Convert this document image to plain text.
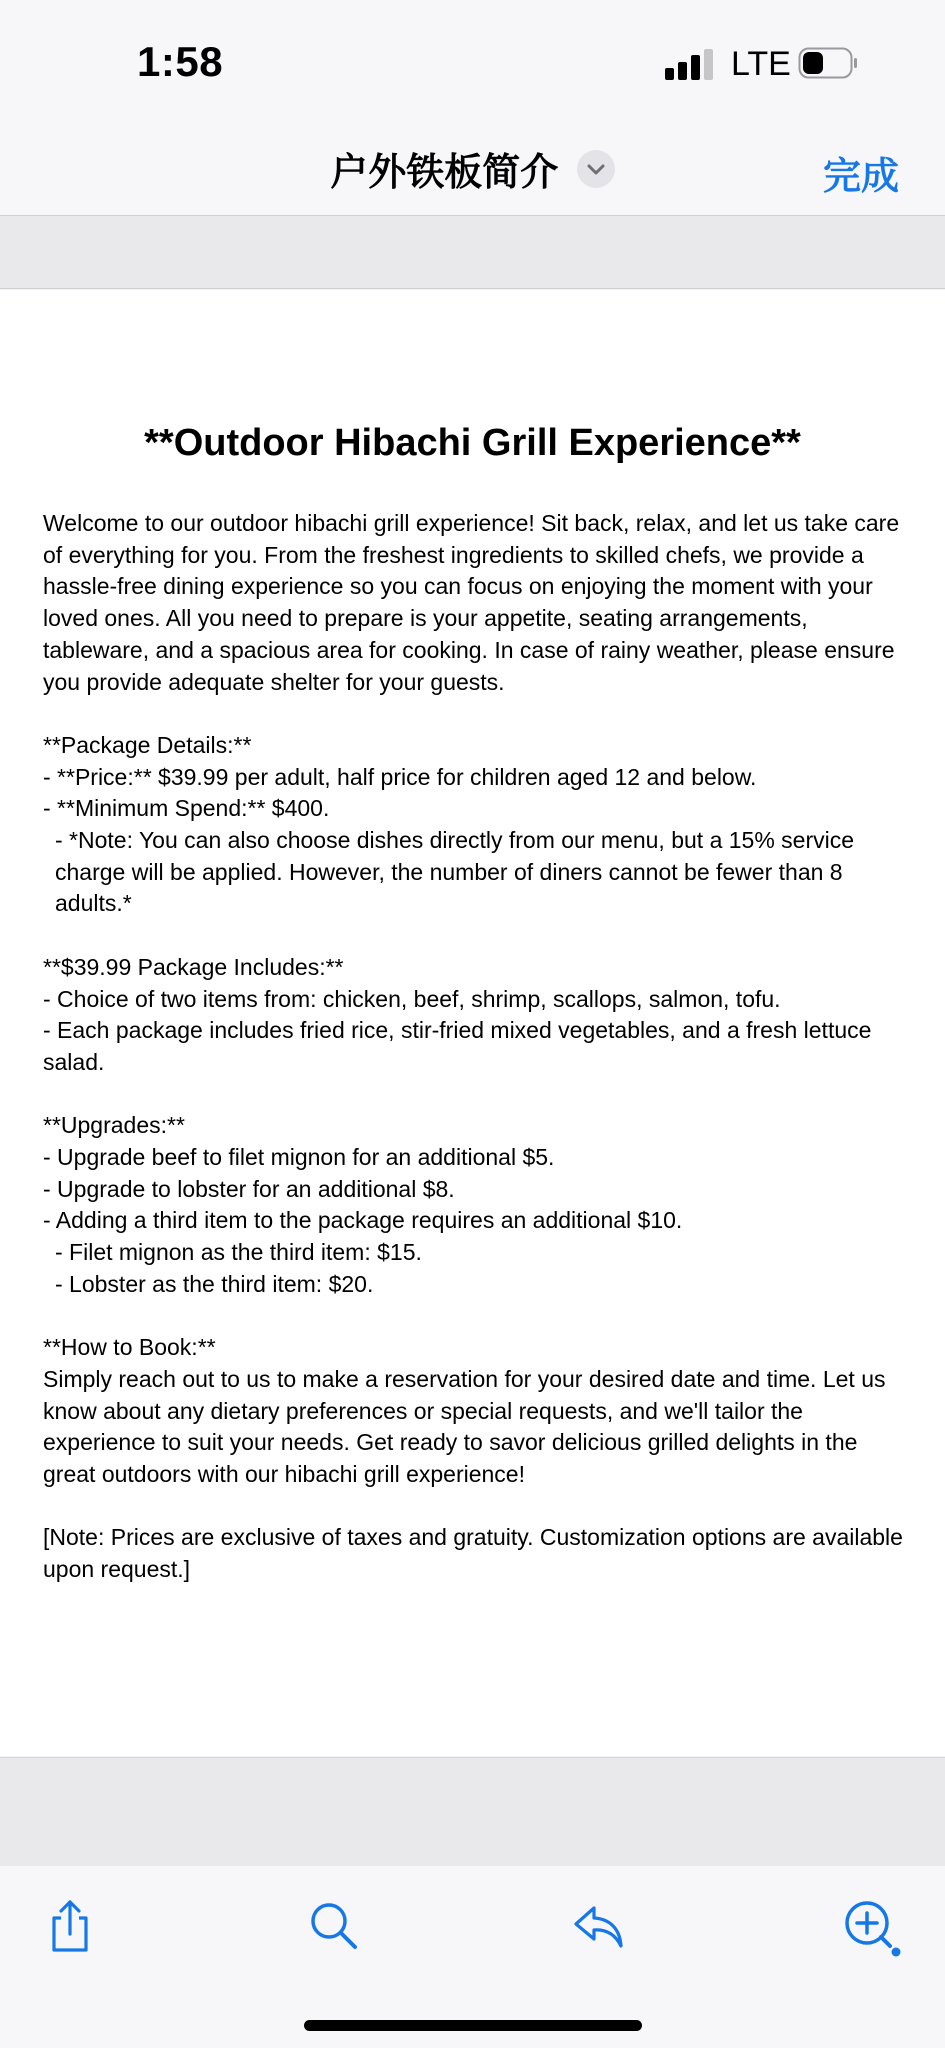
1:58	LTE
户外铁板简介	完成
**Outdoor Hibachi Grill Experience**

Welcome to our outdoor hibachi grill experience! Sit back, relax, and let us take care of everything for you. From the freshest ingredients to skilled chefs, we provide a hassle-free dining experience so you can focus on enjoying the moment with your loved ones. All you need to prepare is your appetite, seating arrangements, tableware, and a spacious area for cooking. In case of rainy weather, please ensure you provide adequate shelter for your guests.

**Package Details:**
- **Price:** $39.99 per adult, half price for children aged 12 and below.
- **Minimum Spend:** $400.
- *Note: You can also choose dishes directly from our menu, but a 15% service charge will be applied. However, the number of diners cannot be fewer than 8 adults.*

**$39.99 Package Includes:**
- Choice of two items from: chicken, beef, shrimp, scallops, salmon, tofu.
- Each package includes fried rice, stir-fried mixed vegetables, and a fresh lettuce salad.

**Upgrades:**
- Upgrade beef to filet mignon for an additional $5.
- Upgrade to lobster for an additional $8.
- Adding a third item to the package requires an additional $10.
- Filet mignon as the third item: $15.
- Lobster as the third item: $20.

**How to Book:**
Simply reach out to us to make a reservation for your desired date and time. Let us know about any dietary preferences or special requests, and we'll tailor the experience to suit your needs. Get ready to savor delicious grilled delights in the great outdoors with our hibachi grill experience!

[Note: Prices are exclusive of taxes and gratuity. Customization options are available upon request.]
